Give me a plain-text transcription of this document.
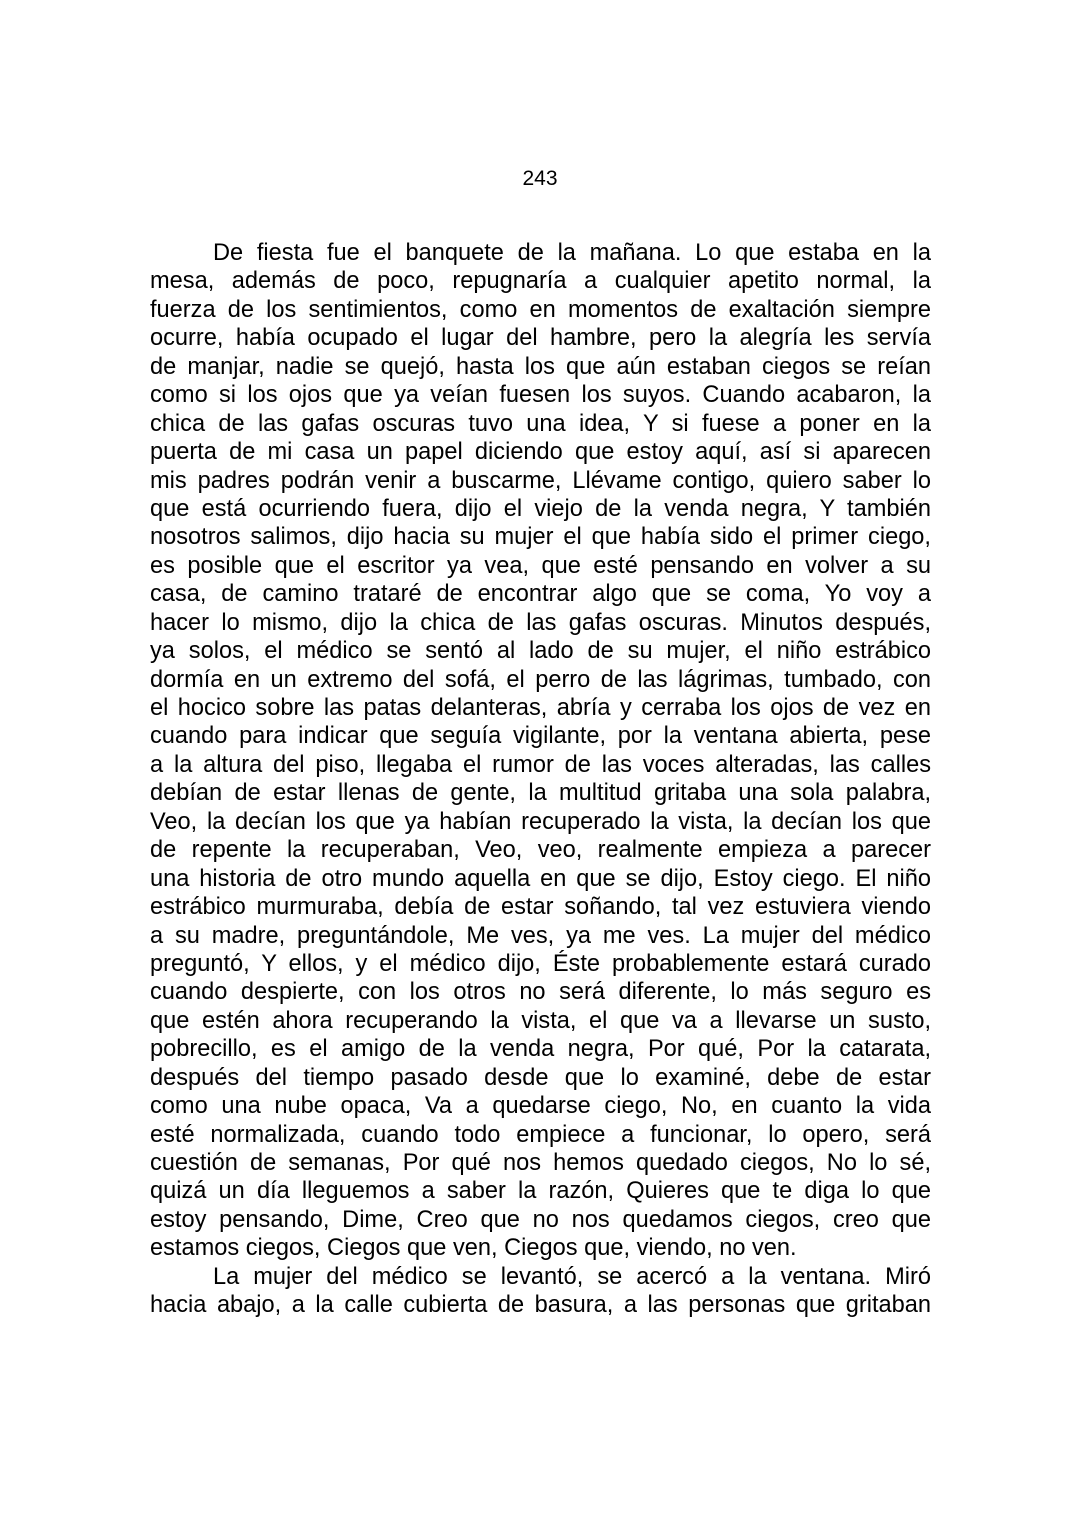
243
De fiesta fue el banquete de la mañana. Lo que estaba en la
mesa, además de poco, repugnaría a cualquier apetito normal, la
fuerza de los sentimientos, como en momentos de exaltación siempre
ocurre, había ocupado el lugar del hambre, pero la alegría les servía
de manjar, nadie se quejó, hasta los que aún estaban ciegos se reían
como si los ojos que ya veían fuesen los suyos. Cuando acabaron, la
chica de las gafas oscuras tuvo una idea, Y si fuese a poner en la
puerta de mi casa un papel diciendo que estoy aquí, así si aparecen
mis padres podrán venir a buscarme, Llévame contigo, quiero saber lo
que está ocurriendo fuera, dijo el viejo de la venda negra, Y también
nosotros salimos, dijo hacia su mujer el que había sido el primer ciego,
es posible que el escritor ya vea, que esté pensando en volver a su
casa, de camino trataré de encontrar algo que se coma, Yo voy a
hacer lo mismo, dijo la chica de las gafas oscuras. Minutos después,
ya solos, el médico se sentó al lado de su mujer, el niño estrábico
dormía en un extremo del sofá, el perro de las lágrimas, tumbado, con
el hocico sobre las patas delanteras, abría y cerraba los ojos de vez en
cuando para indicar que seguía vigilante, por la ventana abierta, pese
a la altura del piso, llegaba el rumor de las voces alteradas, las calles
debían de estar llenas de gente, la multitud gritaba una sola palabra,
Veo, la decían los que ya habían recuperado la vista, la decían los que
de repente la recuperaban, Veo, veo, realmente empieza a parecer
una historia de otro mundo aquella en que se dijo, Estoy ciego. El niño
estrábico murmuraba, debía de estar soñando, tal vez estuviera viendo
a su madre, preguntándole, Me ves, ya me ves. La mujer del médico
preguntó, Y ellos, y el médico dijo, Éste probablemente estará curado
cuando despierte, con los otros no será diferente, lo más seguro es
que estén ahora recuperando la vista, el que va a llevarse un susto,
pobrecillo, es el amigo de la venda negra, Por qué, Por la catarata,
después del tiempo pasado desde que lo examiné, debe de estar
como una nube opaca, Va a quedarse ciego, No, en cuanto la vida
esté normalizada, cuando todo empiece a funcionar, lo opero, será
cuestión de semanas, Por qué nos hemos quedado ciegos, No lo sé,
quizá un día lleguemos a saber la razón, Quieres que te diga lo que
estoy pensando, Dime, Creo que no nos quedamos ciegos, creo que
estamos ciegos, Ciegos que ven, Ciegos que, viendo, no ven.
La mujer del médico se levantó, se acercó a la ventana. Miró
hacia abajo, a la calle cubierta de basura, a las personas que gritaban
